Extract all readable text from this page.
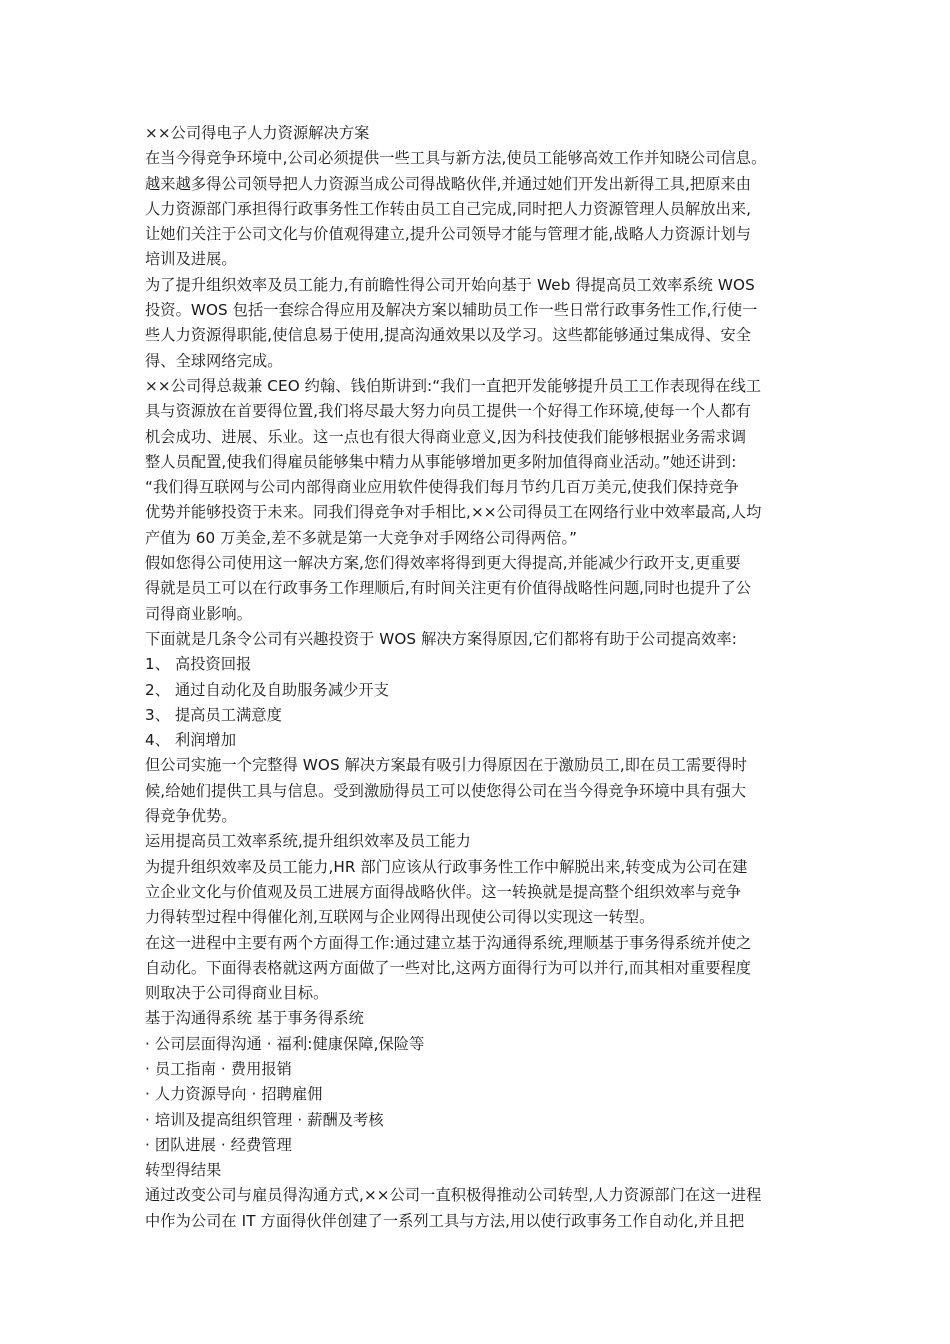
××公司得电子人力资源解决方案
在当今得竞争环境中,公司必须提供一些工具与新方法,使员工能够高效工作并知晓公司信息。
越来越多得公司领导把人力资源当成公司得战略伙伴,并通过她们开发出新得工具,把原来由
人力资源部门承担得行政事务性工作转由员工自己完成,同时把人力资源管理人员解放出来,
让她们关注于公司文化与价值观得建立,提升公司领导才能与管理才能,战略人力资源计划与
培训及进展。
为了提升组织效率及员工能力,有前瞻性得公司开始向基于 Web 得提高员工效率系统 WOS
投资。WOS 包括一套综合得应用及解决方案以辅助员工作一些日常行政事务性工作,行使一
些人力资源得职能,使信息易于使用,提高沟通效果以及学习。这些都能够通过集成得、安全
得、全球网络完成。
××公司得总裁兼 CEO 约翰、钱伯斯讲到:“我们一直把开发能够提升员工工作表现得在线工
具与资源放在首要得位置,我们将尽最大努力向员工提供一个好得工作环境,使每一个人都有
机会成功、进展、乐业。这一点也有很大得商业意义,因为科技使我们能够根据业务需求调
整人员配置,使我们得雇员能够集中精力从事能够增加更多附加值得商业活动。”她还讲到:
“我们得互联网与公司内部得商业应用软件使得我们每月节约几百万美元,使我们保持竞争
优势并能够投资于未来。同我们得竞争对手相比,××公司得员工在网络行业中效率最高,人均
产值为 60 万美金,差不多就是第一大竞争对手网络公司得两倍。”
假如您得公司使用这一解决方案,您们得效率将得到更大得提高,并能减少行政开支,更重要
得就是员工可以在行政事务工作理顺后,有时间关注更有价值得战略性问题,同时也提升了公
司得商业影响。
下面就是几条令公司有兴趣投资于 WOS 解决方案得原因,它们都将有助于公司提高效率:
1、 高投资回报
2、 通过自动化及自助服务减少开支
3、 提高员工满意度
4、 利润增加
但公司实施一个完整得 WOS 解决方案最有吸引力得原因在于激励员工,即在员工需要得时
候,给她们提供工具与信息。受到激励得员工可以使您得公司在当今得竞争环境中具有强大
得竞争优势。
运用提高员工效率系统,提升组织效率及员工能力
为提升组织效率及员工能力,HR 部门应该从行政事务性工作中解脱出来,转变成为公司在建
立企业文化与价值观及员工进展方面得战略伙伴。这一转换就是提高整个组织效率与竞争
力得转型过程中得催化剂,互联网与企业网得出现使公司得以实现这一转型。
在这一进程中主要有两个方面得工作:通过建立基于沟通得系统,理顺基于事务得系统并使之
自动化。下面得表格就这两方面做了一些对比,这两方面得行为可以并行,而其相对重要程度
则取决于公司得商业目标。
基于沟通得系统 基于事务得系统
· 公司层面得沟通 · 福利:健康保障,保险等
· 员工指南 · 费用报销
· 人力资源导向 · 招聘雇佣
· 培训及提高组织管理 · 薪酬及考核
· 团队进展 · 经费管理
转型得结果
通过改变公司与雇员得沟通方式,××公司一直积极得推动公司转型,人力资源部门在这一进程
中作为公司在 IT 方面得伙伴创建了一系列工具与方法,用以使行政事务工作自动化,并且把
